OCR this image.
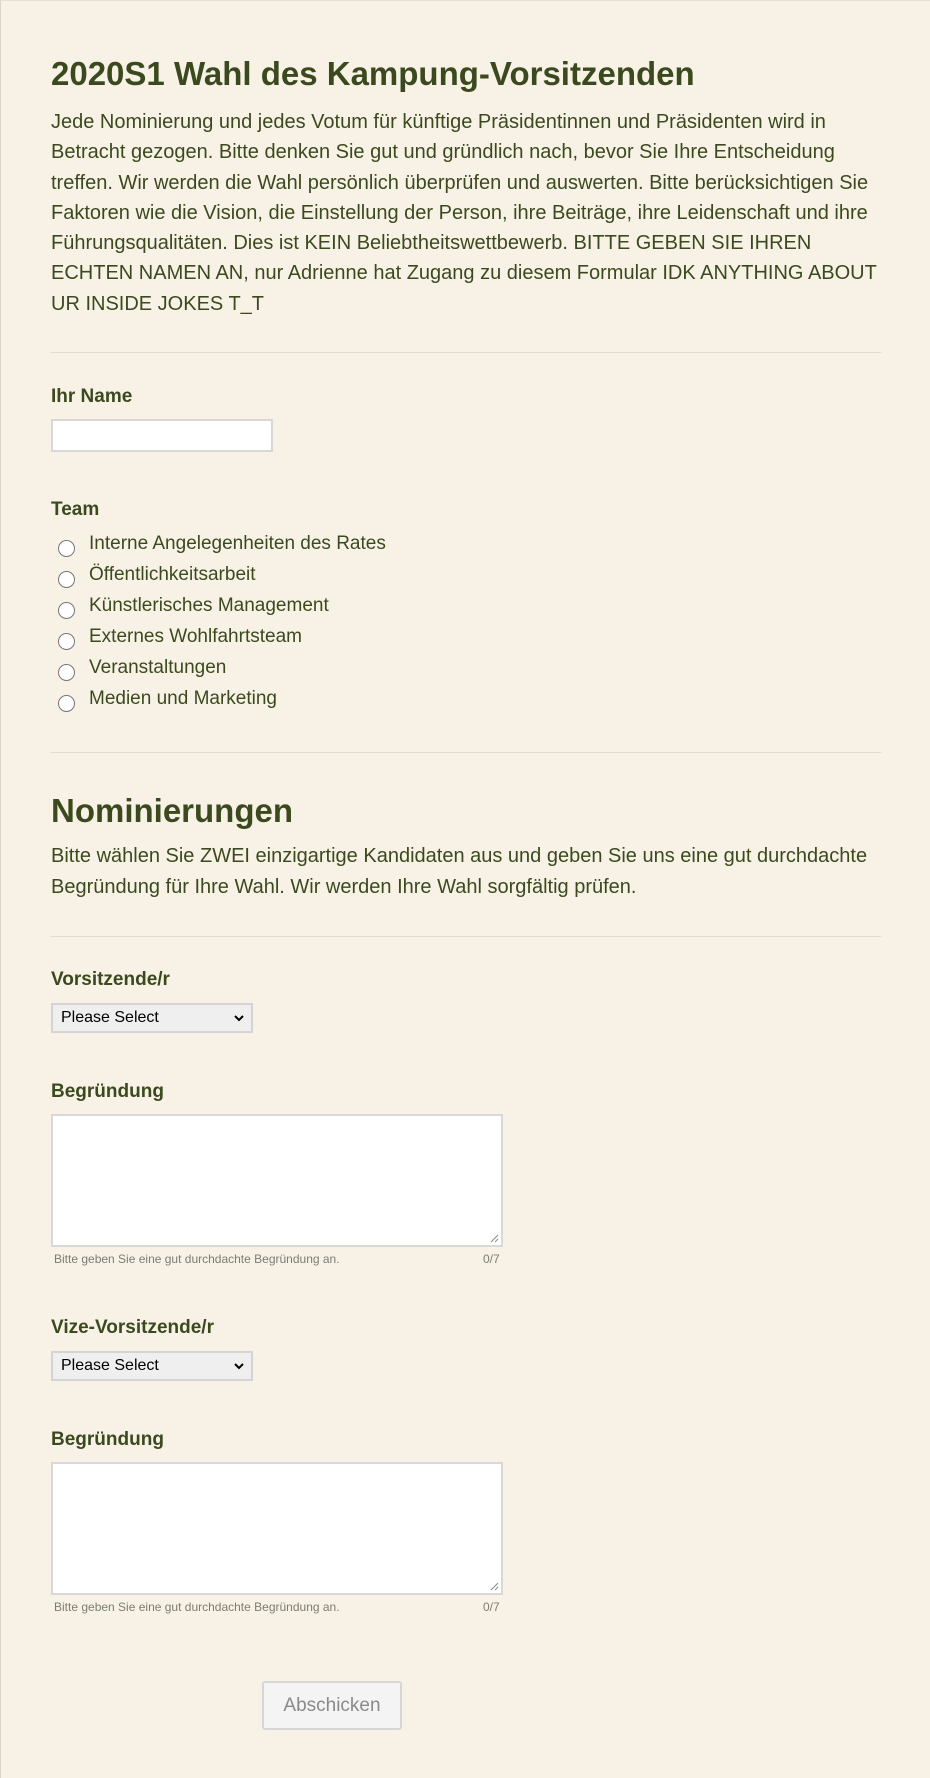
2020S1 Wahl des Kampung-Vorsitzenden

Jede Nominierung und jedes Votum für künftige Präsidentinnen und Präsidenten wird in Betracht gezogen. Bitte denken Sie gut und gründlich nach, bevor Sie Ihre Entscheidung treffen. Wir werden die Wahl persönlich überprüfen und auswerten. Bitte berücksichtigen Sie Faktoren wie die Vision, die Einstellung der Person, ihre Beiträge, ihre Leidenschaft und ihre Führungsqualitäten. Dies ist KEIN Beliebtheitswettbewerb. BITTE GEBEN SIE IHREN ECHTEN NAMEN AN, nur Adrienne hat Zugang zu diesem Formular IDK ANYTHING ABOUT UR INSIDE JOKES T_T

Ihr Name
Team
Interne Angelegenheiten des Rates
Öffentlichkeitsarbeit
Künstlerisches Management
Externes Wohlfahrtsteam
Veranstaltungen
Medien und Marketing
Nominierungen

Bitte wählen Sie ZWEI einzigartige Kandidaten aus und geben Sie uns eine gut durchdachte Begründung für Ihre Wahl. Wir werden Ihre Wahl sorgfältig prüfen.

Vorsitzende/r
Please Select
Begründung
Bitte geben Sie eine gut durchdachte Begründung an.	0/7
Vize-Vorsitzende/r
Please Select
Begründung
Bitte geben Sie eine gut durchdachte Begründung an.	0/7
Abschicken
